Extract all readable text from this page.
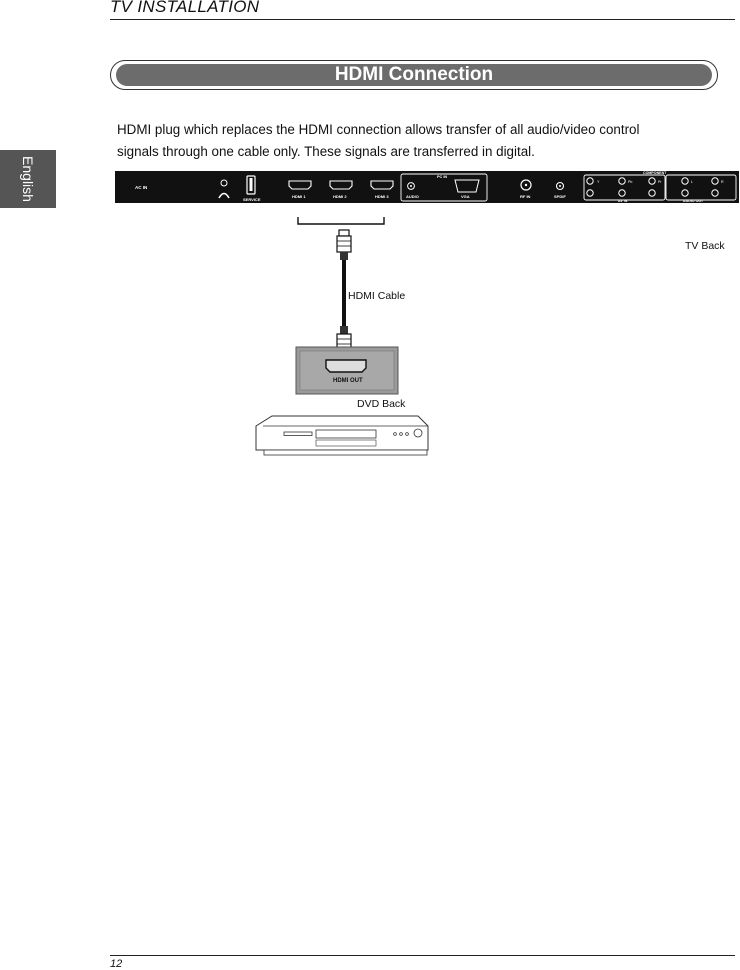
TV INSTALLATION
English
HDMI Connection
HDMI plug which replaces the HDMI connection allows transfer of all audio/video control
signals through one cable only. These signals are transferred in digital.
AC IN
SERVICE
HDMI 1	HDMI 2	HDMI 3
PC IN
AUDIO	VGA	RF IN	SPDIF
COMPONENT
AV IN	AUDIO OUT
Y	Pb	Pr	L	R
HDMI OUT
TV Back
HDMI Cable
DVD Back
12
